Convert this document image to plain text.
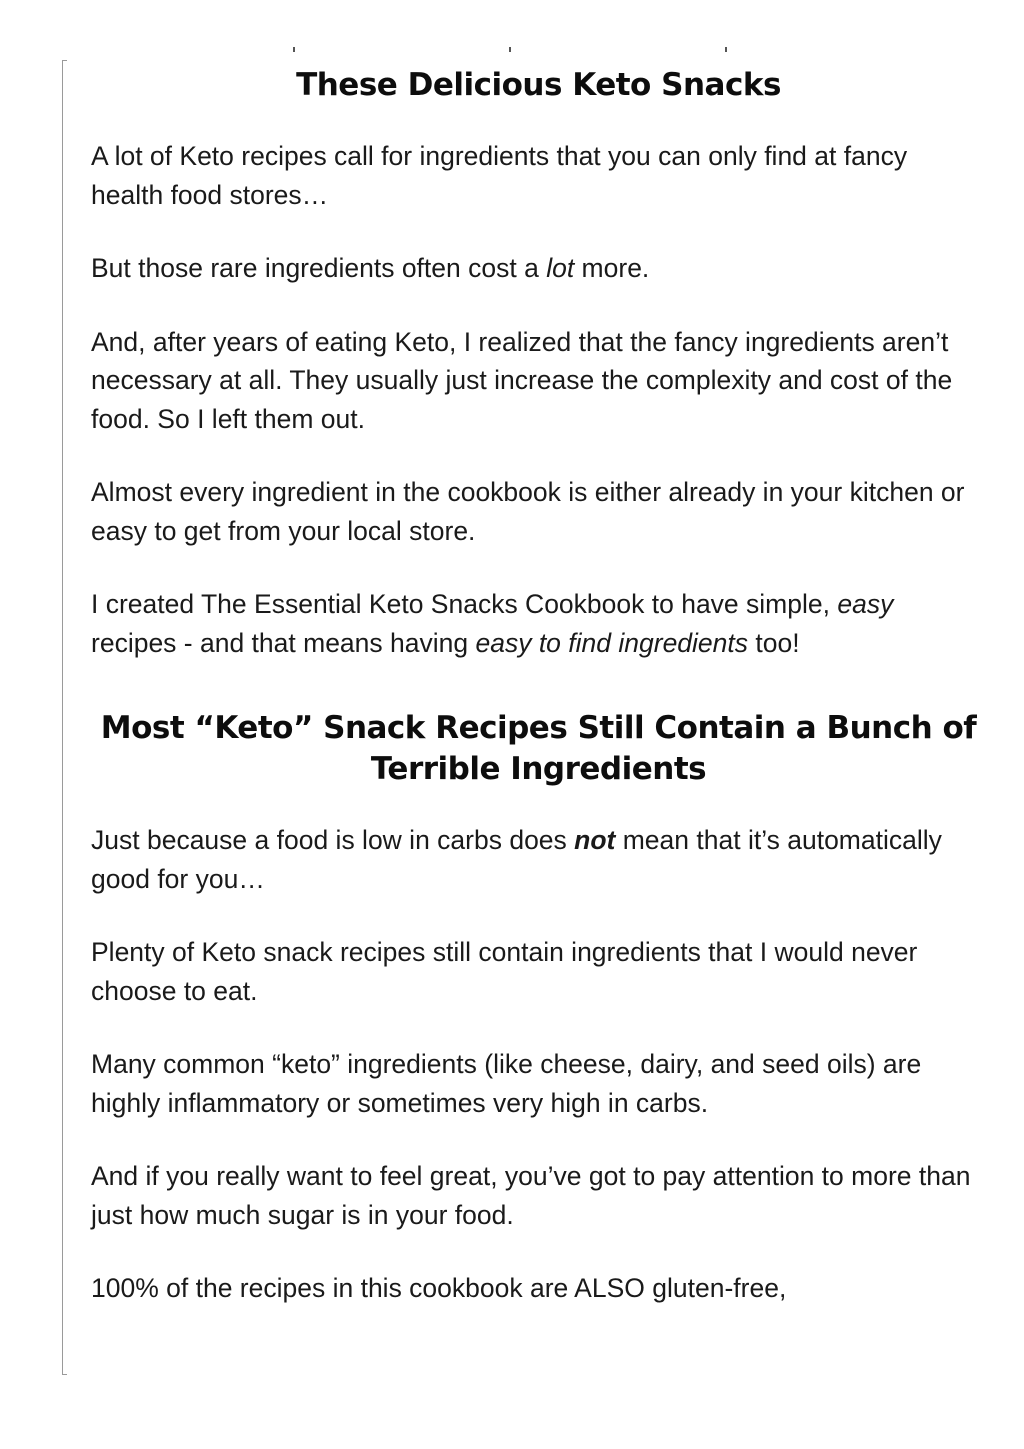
These Delicious Keto Snacks

A lot of Keto recipes call for ingredients that you can only find at fancy health food stores…

But those rare ingredients often cost a lot more.

And, after years of eating Keto, I realized that the fancy ingredients aren’t necessary at all. They usually just increase the complexity and cost of the food. So I left them out.

Almost every ingredient in the cookbook is either already in your kitchen or easy to get from your local store.

I created The Essential Keto Snacks Cookbook to have simple, easy recipes - and that means having easy to find ingredients too!

Most “Keto” Snack Recipes Still Contain a Bunch of Terrible Ingredients

Just because a food is low in carbs does not mean that it’s automatically good for you…

Plenty of Keto snack recipes still contain ingredients that I would never choose to eat.

Many common “keto” ingredients (like cheese, dairy, and seed oils) are highly inflammatory or sometimes very high in carbs.

And if you really want to feel great, you’ve got to pay attention to more than just how much sugar is in your food.

100% of the recipes in this cookbook are ALSO gluten-free,
